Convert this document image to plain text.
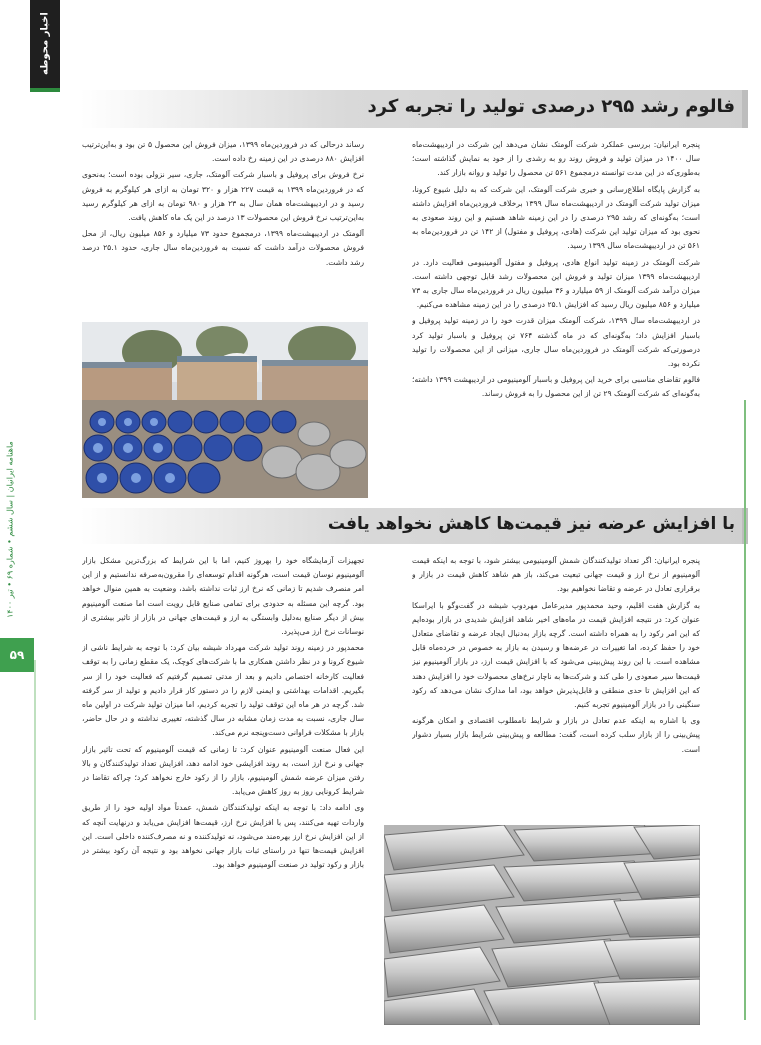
اخبار محوطه
فالوم رشد ۲۹۵ درصدی تولید را تجربه کرد

پنجره ایرانیان: بررسی عملکرد شرکت آلومتک نشان می‌دهد این شرکت در اردیبهشت‌ماه سال ۱۴۰۰ در میزان تولید و فروش روند رو به رشدی را از خود به نمایش گذاشته است؛ به‌طوری‌که در این مدت توانسته درمجموع ۵۶۱ تن محصول را تولید و روانه بازار کند.

به گزارش پایگاه اطلاع‌رسانی و خبری شرکت آلومتک، این شرکت که به دلیل شیوع کرونا، میزان تولید شرکت آلومتک در اردیبهشت‌ماه سال ۱۳۹۹ برخلاف فروردین‌ماه افزایش داشته است؛ به‌گونه‌ای که رشد ۲۹۵ درصدی را در این زمینه شاهد هستیم و این روند صعودی به نحوی بود که میزان تولید این شرکت (هادی، پروفیل و مفتول) از ۱۴۲ تن در فروردین‌ماه به ۵۶۱ تن در اردیبهشت‌ماه سال ۱۳۹۹ رسید.

شرکت آلومتک در زمینه تولید انواع هادی، پروفیل و مفتول آلومینیومی فعالیت دارد. در اردیبهشت‌ماه ۱۳۹۹ میزان تولید و فروش این محصولات رشد قابل توجهی داشته است. میزان درآمد شرکت آلومتک از ۵۹ میلیارد و ۳۶ میلیون ریال در فروردین‌ماه سال جاری به ۷۳ میلیارد و ۸۵۶ میلیون ریال رسید که افزایش ۲۵.۱ درصدی را در این زمینه مشاهده می‌کنیم.

در اردیبهشت‌ماه سال ۱۳۹۹، شرکت آلومتک میزان قدرت خود را در زمینه تولید پروفیل و باسبار افزایش داد؛ به‌گونه‌ای که در ماه گذشته ۷۶۴ تن پروفیل و باسبار تولید کرد درصورتی‌که شرکت آلومتک در فروردین‌ماه سال جاری، میزانی از این محصولات را تولید نکرده بود.

فالوم تقاضای مناسبی برای خرید این پروفیل و باسبار آلومینیومی در اردیبهشت ۱۳۹۹ داشته؛ به‌گونه‌ای که شرکت آلومتک ۲۹ تن از این محصول را به فروش رساند.

رساند درحالی که در فروردین‌ماه ۱۳۹۹، میزان فروش این محصول ۵ تن بود و به‌این‌ترتیب افزایش ۸۸۰ درصدی در این زمینه رخ داده است.

نرخ فروش برای پروفیل و باسبار شرکت آلومتک، جاری، سیر نزولی بوده است؛ به‌نحوی که در فروردین‌ماه ۱۳۹۹ به قیمت ۲۲۷ هزار و ۳۲۰ تومان به ازای هر کیلوگرم به فروش رسید و در اردیبهشت‌ماه همان سال به ۲۳ هزار و ۹۸۰ تومان به ازای هر کیلوگرم رسید به‌این‌ترتیب نرخ فروش این محصولات ۱۳ درصد در این یک ماه کاهش یافت.

آلومتک در اردیبهشت‌ماه ۱۳۹۹، درمجموع حدود ۷۳ میلیارد و ۸۵۶ میلیون ریال، از محل فروش محصولات درآمد داشت که نسبت به فروردین‌ماه سال جاری، حدود ۲۵.۱ درصد رشد داشت.

با افزایش عرضه نیز قیمت‌ها کاهش نخواهد یافت

پنجره ایرانیان: اگر تعداد تولیدکنندگان شمش آلومینیومی بیشتر شود، با توجه به اینکه قیمت آلومینیوم از نرخ ارز و قیمت جهانی تبعیت می‌کند، باز هم شاهد کاهش قیمت در بازار و برقراری تعادل در عرضه و تقاضا نخواهیم بود.

به گزارش هفت اقلیم، وحید محمدپور مدیرعامل مهردوپ شیشه در گفت‌وگو با ایراسکا عنوان کرد: در نتیجه افزایش قیمت در ماه‌های اخیر شاهد افزایش شدیدی در بازار بوده‌ایم که این امر رکود را به همراه داشته است. گرچه بازار به‌دنبال ایجاد عرضه و تقاضای متعادل خود را حفظ کرده، اما تغییرات در عرضه‌ها و رسیدن به بازار به خصوص در خرده‌ماه قابل مشاهده است. با این روند پیش‌بینی می‌شود که با افزایش قیمت ارز، در بازار آلومینیوم نیز قیمت‌ها سیر صعودی را طی کند و شرکت‌ها به ناچار نرخ‌های محصولات خود را افزایش دهند که این افزایش تا حدی منطقی و قابل‌پذیرش خواهد بود، اما مدارک نشان می‌دهد که رکود سنگینی را در بازار آلومینیوم تجربه کنیم.

وی با اشاره به اینکه عدم تعادل در بازار و شرایط نامطلوب اقتصادی و امکان هرگونه پیش‌بینی را از بازار سلب کرده است، گفت: مطالعه و پیش‌بینی شرایط بازار بسیار دشوار است.

تجهیزات آزمایشگاه خود را بهروز کنیم، اما با این شرایط که بزرگ‌ترین مشکل بازار آلومینیوم نوسان قیمت است، هرگونه اقدام توسعه‌ای را مقرون‌به‌صرفه ندانستیم و از این امر منصرف شدیم تا زمانی که نرخ ارز ثبات نداشته باشد، وضعیت به همین منوال خواهد بود. گرچه این مسئله به حدودی برای تمامی صنایع قابل رویت است اما صنعت آلومینیوم بیش از دیگر صنایع به‌دلیل وابستگی به ارز و قیمت‌های جهانی در بازار از تاثیر بیشتری از نوسانات نرخ ارز می‌پذیرد.

محمدپور در زمینه روند تولید شرکت مهرداد شیشه بیان کرد: با توجه به شرایط ناشی از شیوع کرونا و در نظر داشتن همکاری ما با شرکت‌های کوچک، یک مقطع زمانی را به توقف فعالیت کارخانه اختصاص دادیم و بعد از مدتی تصمیم گرفتیم که فعالیت خود را از سر بگیریم. اقدامات بهداشتی و ایمنی لازم را در دستور کار قرار دادیم و تولید از سر گرفته شد. گرچه در هر ماه این توقف تولید را تجربه کردیم، اما میزان تولید شرکت در اولین ماه سال جاری، نسبت به مدت زمان مشابه در سال گذشته، تغییری نداشته و در حال حاضر، بازار با مشکلات فراوانی دست‌وپنجه نرم می‌کند.

این فعال صنعت آلومینیوم عنوان کرد: تا زمانی که قیمت آلومینیوم که تحت تاثیر بازار جهانی و نرخ ارز است، به روند افزایشی خود ادامه دهد، افزایش تعداد تولیدکنندگان و بالا رفتن میزان عرضه شمش آلومینیوم، بازار را از رکود خارج نخواهد کرد؛ چراکه تقاضا در شرایط کرونایی روز به روز کاهش می‌یابد.

وی ادامه داد: با توجه به اینکه تولیدکنندگان شمش، عمدتاً مواد اولیه خود را از طریق واردات تهیه می‌کنند، پس با افزایش نرخ ارز، قیمت‌ها افزایش می‌یابد و درنهایت آنچه که از این افزایش نرخ ارز بهره‌مند می‌شود، نه تولیدکننده و نه مصرف‌کننده داخلی است. این افزایش قیمت‌ها تنها در راستای ثبات بازار جهانی نخواهد بود و نتیجه آن رکود بیشتر در بازار و رکود تولید در صنعت آلومینیوم خواهد بود.

ماهنامه ایرانیان | سال ششم • شماره ۶۹ • تیر ۱۴۰۰
۵۹
